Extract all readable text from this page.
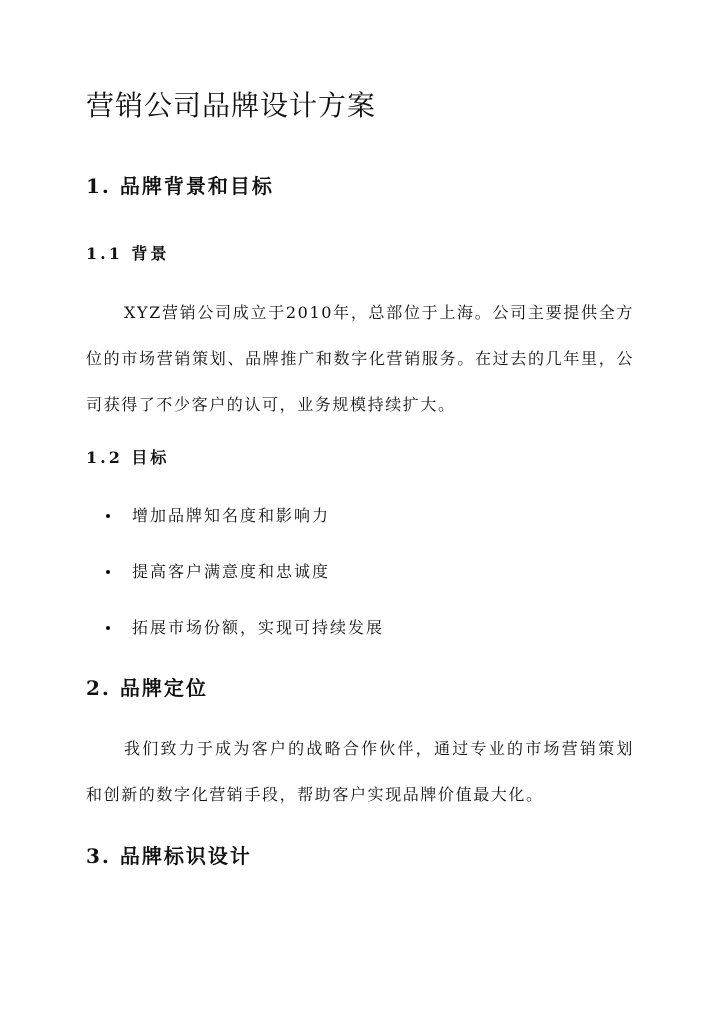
营销公司品牌设计方案
1. 品牌背景和目标
1.1 背景

XYZ营销公司成立于2010年，总部位于上海。公司主要提供全方位的市场营销策划、品牌推广和数字化营销服务。在过去的几年里，公司获得了不少客户的认可，业务规模持续扩大。

1.2 目标
增加品牌知名度和影响力
提高客户满意度和忠诚度
拓展市场份额，实现可持续发展
2. 品牌定位

我们致力于成为客户的战略合作伙伴，通过专业的市场营销策划和创新的数字化营销手段，帮助客户实现品牌价值最大化。

3. 品牌标识设计
